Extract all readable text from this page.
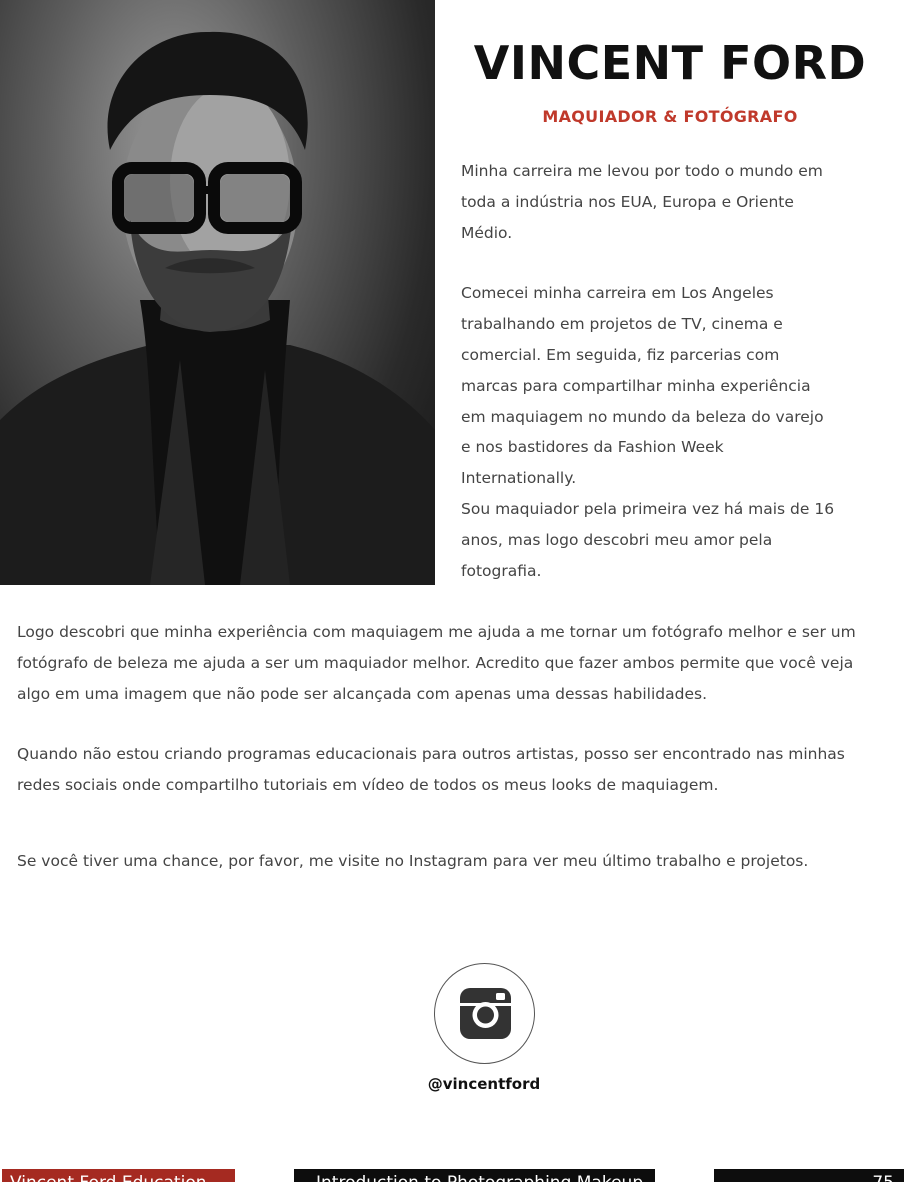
VINCENT FORD
MAQUIADOR & FOTÓGRAFO

Minha carreira me levou por todo o mundo em toda a indústria nos EUA, Europa e Oriente Médio.

Comecei minha carreira em Los Angeles trabalhando em projetos de TV, cinema e comercial. Em seguida, fiz parcerias com marcas para compartilhar minha experiência em maquiagem no mundo da beleza do varejo e nos bastidores da Fashion Week Internationally.

Sou maquiador pela primeira vez há mais de 16 anos, mas logo descobri meu amor pela fotografia.

Logo descobri que minha experiência com maquiagem me ajuda a me tornar um fotógrafo melhor e ser um fotógrafo de beleza me ajuda a ser um maquiador melhor. Acredito que fazer ambos permite que você veja algo em uma imagem que não pode ser alcançada com apenas uma dessas habilidades.

Quando não estou criando programas educacionais para outros artistas, posso ser encontrado nas minhas redes sociais onde compartilho tutoriais em vídeo de todos os meus looks de maquiagem.

Se você tiver uma chance, por favor, me visite no Instagram para ver meu último trabalho e projetos.

@vincentford
Vincent Ford Education	Introduction to Photographing Makeup	75
